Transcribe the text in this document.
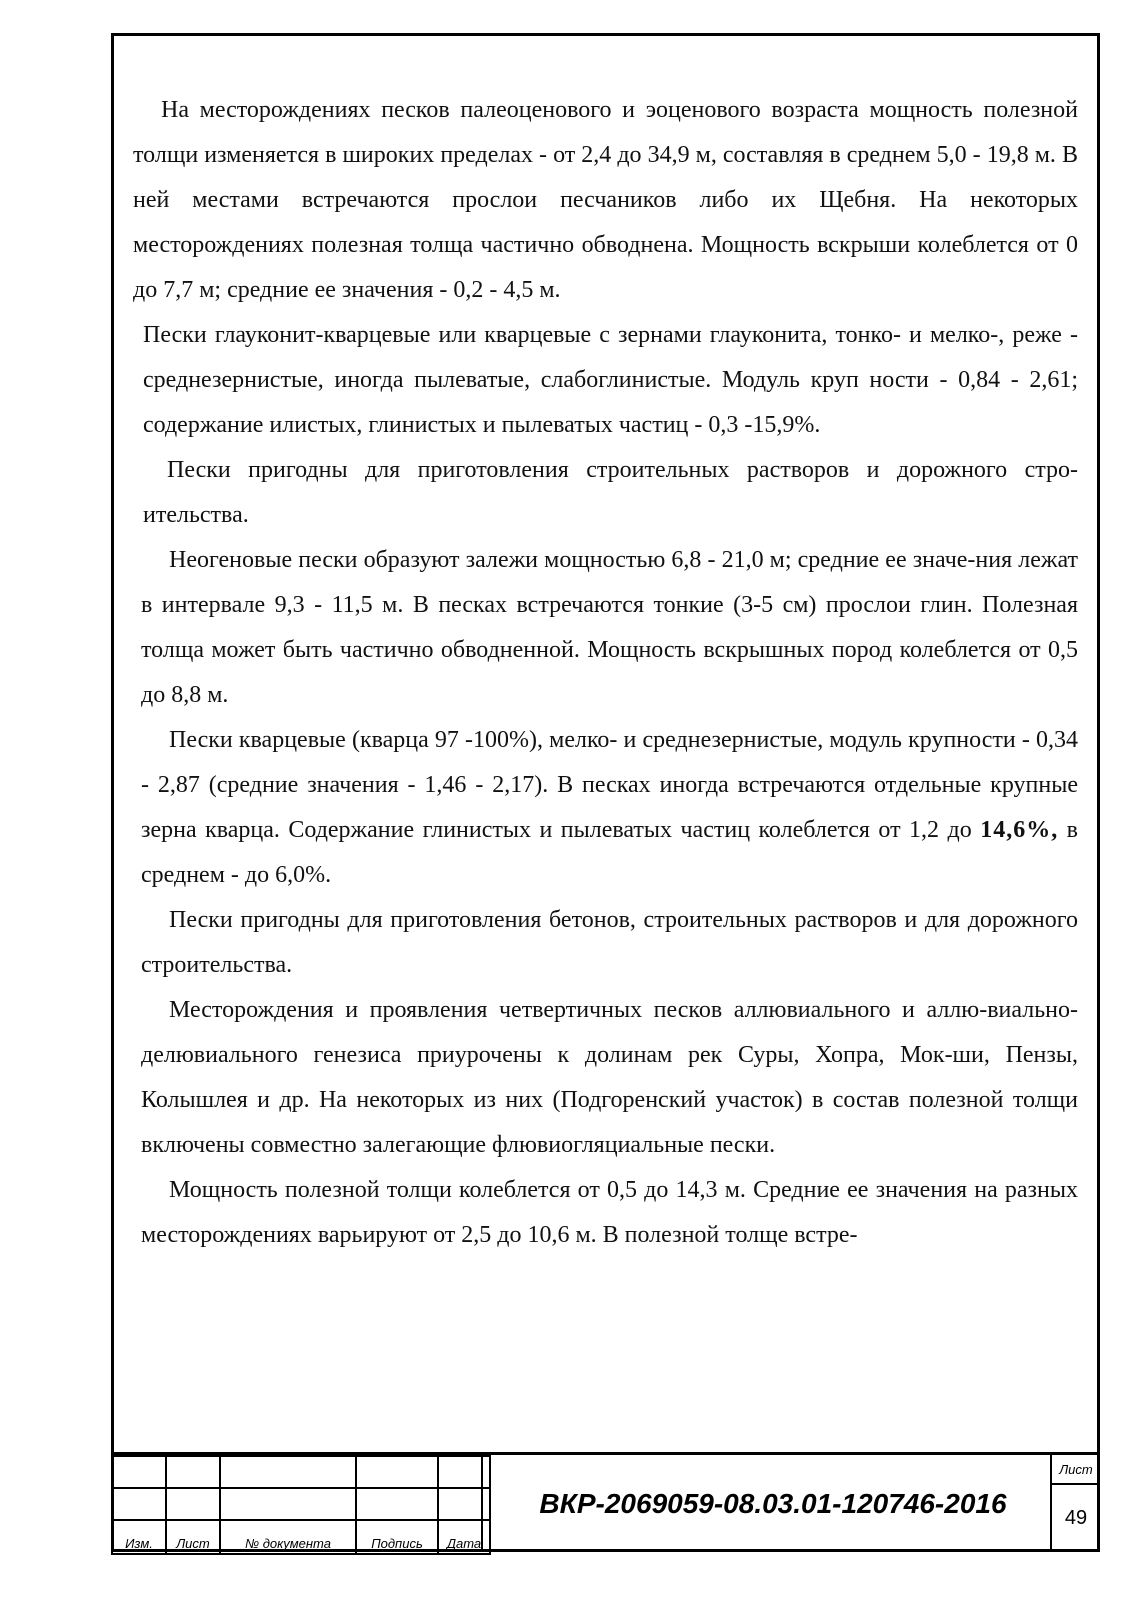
На месторождениях песков палеоценового и эоценового возраста мощность полезной толщи изменяется в широких пределах - от 2,4 до 34,9 м, составляя в среднем 5,0 - 19,8 м. В ней местами встречаются прослои песчаников либо их Щебня. На некоторых месторождениях полезная толща частично обводнена. Мощность вскрыши колеблется от 0 до 7,7 м; средние ее значения - 0,2 - 4,5 м.

Пески глауконит-кварцевые или кварцевые с зернами глауконита, тонко- и мелко-, реже - среднезернистые, иногда пылеватые, слабоглинистые. Модуль круп ности - 0,84 - 2,61; содержание илистых, глинистых и пылеватых частиц - 0,3 -15,9%.

Пески пригодны для приготовления строительных растворов и дорожного стро-ительства.

Неогеновые пески образуют залежи мощностью 6,8 - 21,0 м; средние ее значе-ния лежат в интервале 9,3 - 11,5 м. В песках встречаются тонкие (3-5 см) прослои глин. Полезная толща может быть частично обводненной. Мощность вскрышных пород колеблется от 0,5 до 8,8 м.

Пески кварцевые (кварца 97 -100%), мелко- и среднезернистые, модуль крупности - 0,34 - 2,87 (средние значения - 1,46 - 2,17). В песках иногда встречаются отдельные крупные зерна кварца. Содержание глинистых и пылеватых частиц колеблется от 1,2 до 14,6%, в среднем - до 6,0%.

Пески пригодны для приготовления бетонов, строительных растворов и для дорожного строительства.

Месторождения и проявления четвертичных песков аллювиального и аллю-виально-делювиального генезиса приурочены к долинам рек Суры, Хопра, Мок-ши, Пензы, Колышлея и др. На некоторых из них (Подгоренский участок) в состав полезной толщи включены совместно залегающие флювиогляциальные пески.

Мощность полезной толщи колеблется от 0,5 до 14,3 м. Средние ее значения на разных месторождениях варьируют от 2,5 до 10,6 м. В полезной толще встре-

Изм.	Лист	№ документа	Подпись	Дата
ВКР-2069059-08.03.01-120746-2016
Лист
49
